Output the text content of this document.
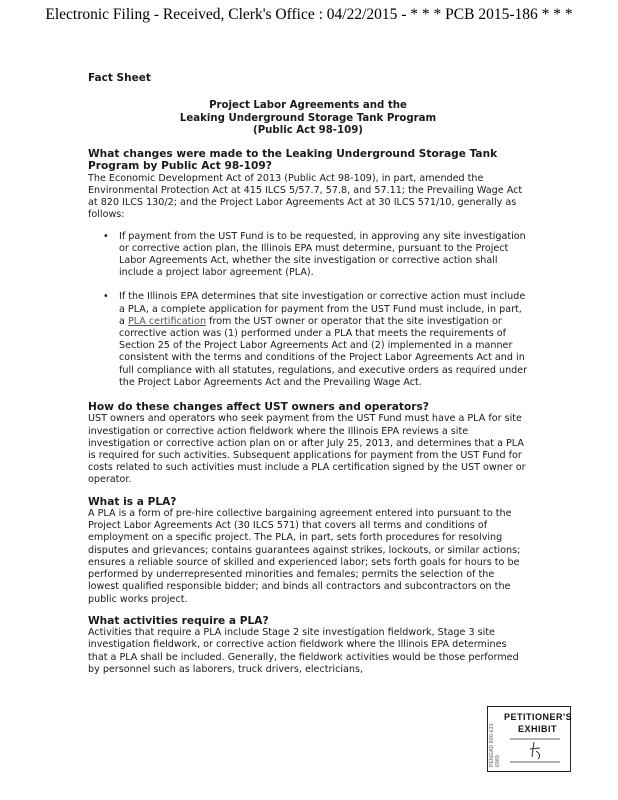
Electronic Filing - Received, Clerk's Office : 04/22/2015 - * * * PCB 2015-186 * * *
Fact Sheet
Project Labor Agreements and the
Leaking Underground Storage Tank Program
(Public Act 98-109)
What changes were made to the Leaking Underground Storage Tank Program by Public Act 98-109?

The Economic Development Act of 2013 (Public Act 98-109), in part, amended the Environmental Protection Act at 415 ILCS 5/57.7, 57.8, and 57.11; the Prevailing Wage Act at 820 ILCS 130/2; and the Project Labor Agreements Act at 30 ILCS 571/10, generally as follows:

• If payment from the UST Fund is to be requested, in approving any site investigation or corrective action plan, the Illinois EPA must determine, pursuant to the Project Labor Agreements Act, whether the site investigation or corrective action shall include a project labor agreement (PLA).
• If the Illinois EPA determines that site investigation or corrective action must include a PLA, a complete application for payment from the UST Fund must include, in part, a PLA certification from the UST owner or operator that the site investigation or corrective action was (1) performed under a PLA that meets the requirements of Section 25 of the Project Labor Agreements Act and (2) implemented in a manner consistent with the terms and conditions of the Project Labor Agreements Act and in full compliance with all statutes, regulations, and executive orders as required under the Project Labor Agreements Act and the Prevailing Wage Act.
How do these changes affect UST owners and operators?

UST owners and operators who seek payment from the UST Fund must have a PLA for site investigation or corrective action fieldwork where the Illinois EPA reviews a site investigation or corrective action plan on or after July 25, 2013, and determines that a PLA is required for such activities. Subsequent applications for payment from the UST Fund for costs related to such activities must include a PLA certification signed by the UST owner or operator.

What is a PLA?

A PLA is a form of pre-hire collective bargaining agreement entered into pursuant to the Project Labor Agreements Act (30 ILCS 571) that covers all terms and conditions of employment on a specific project. The PLA, in part, sets forth procedures for resolving disputes and grievances; contains guarantees against strikes, lockouts, or similar actions; ensures a reliable source of skilled and experienced labor; sets forth goals for hours to be performed by underrepresented minorities and females; permits the selection of the lowest qualified responsible bidder; and binds all contractors and subcontractors on the public works project.

What activities require a PLA?

Activities that require a PLA include Stage 2 site investigation fieldwork, Stage 3 site investigation fieldwork, or corrective action fieldwork where the Illinois EPA determines that a PLA shall be included. Generally, the fieldwork activities would be those performed by personnel such as laborers, truck drivers, electricians,

PENGAD 800-631-6989
PETITIONER'S
EXHIBIT
